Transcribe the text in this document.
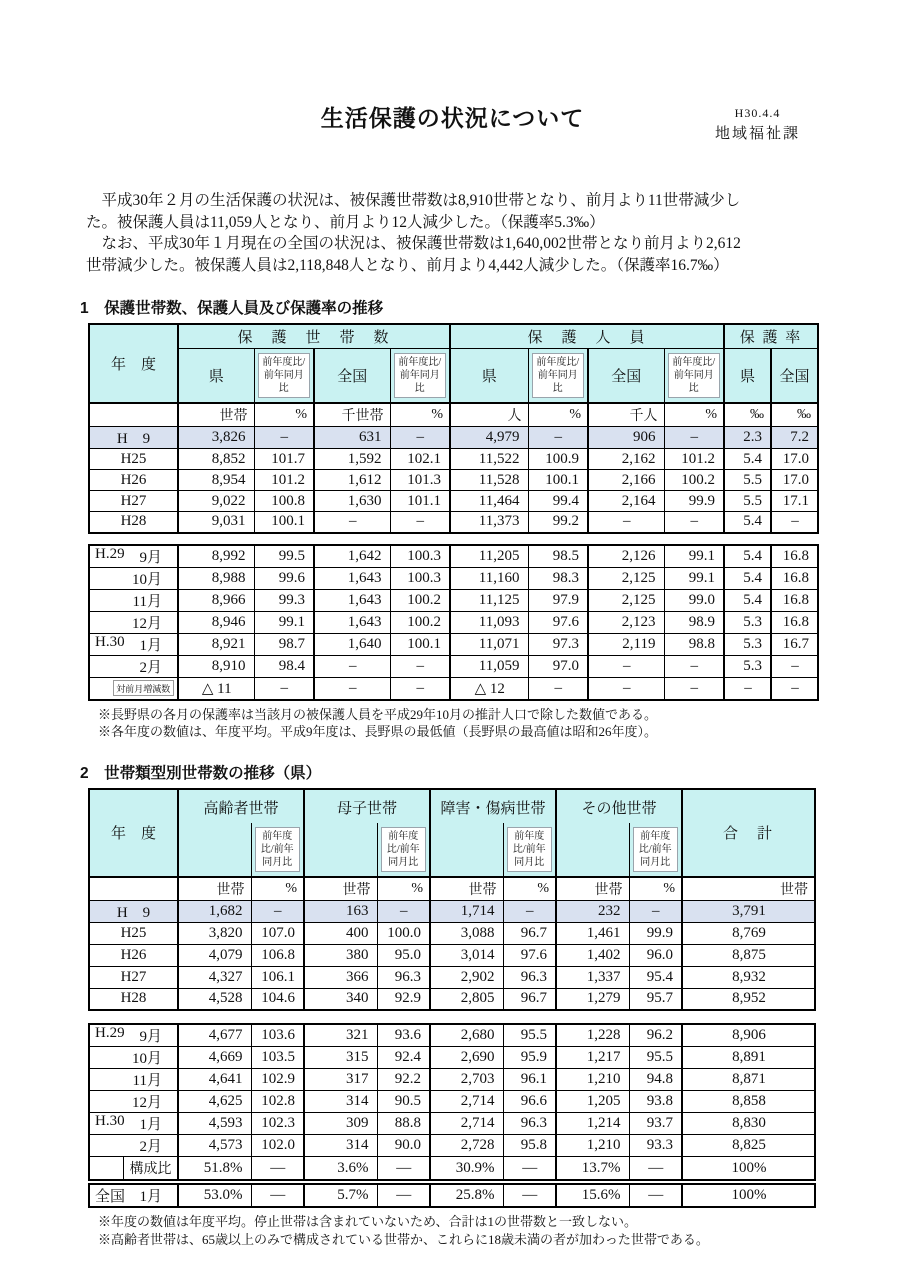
生活保護の状況について	H30.4.4
地域福祉課
　平成30年２月の生活保護の状況は、被保護世帯数は8,910世帯となり、前月より11世帯減少し
た。被保護人員は11,059人となり、前月より12人減少した。（保護率5.3‰）
　なお、平成30年１月現在の全国の状況は、被保護世帯数は1,640,002世帯となり前月より2,612
世帯減少した。被保護人員は2,118,848人となり、前月より4,442人減少した。（保護率16.7‰）
1　保護世帯数、保護人員及び保護率の推移
年　度	保　護　世　帯　数				保　護　人　員				保 護 率	
	県	前年度比/前年同月比	全国	前年度比/前年同月比	県	前年度比/前年同月比	全国	前年度比/前年同月比	県	全国
	世帯	%	千世帯	%	人	%	千人	%	‰	‰
H　9	3,826	–	631	–	4,979	–	906	–	2.3	7.2
H25	8,852	101.7	1,592	102.1	11,522	100.9	2,162	101.2	5.4	17.0
H26	8,954	101.2	1,612	101.3	11,528	100.1	2,166	100.2	5.5	17.0
H27	9,022	100.8	1,630	101.1	11,464	99.4	2,164	99.9	5.5	17.1
H28	9,031	100.1	–	–	11,373	99.2	–	–	5.4	–
H.29 9月	8,992	99.5	1,642	100.3	11,205	98.5	2,126	99.1	5.4	16.8

10月	8,988	99.6	1,643	100.3	11,160	98.3	2,125	99.1	5.4	16.8

11月	8,966	99.3	1,643	100.2	11,125	97.9	2,125	99.0	5.4	16.8

12月	8,946	99.1	1,643	100.2	11,093	97.6	2,123	98.9	5.3	16.8

H.30 1月	8,921	98.7	1,640	100.1	11,071	97.3	2,119	98.8	5.3	16.7

2月	8,910	98.4	–	–	11,059	97.0	–	–	5.3	–

対前月増減数	△ 11	–	–	–	△ 12	–	–	–	–	–
※長野県の各月の保護率は当該月の被保護人員を平成29年10月の推計人口で除した数値である。
※各年度の数値は、年度平均。平成9年度は、長野県の最低値（長野県の最高値は昭和26年度）。
2　世帯類型別世帯数の推移（県）
年　度	高齢者世帯		母子世帯		障害・傷病世帯		その他世帯		合　計

		前年度比/前年同月比		前年度比/前年同月比		前年度比/前年同月比		前年度比/前年同月比	

	世帯	%	世帯	%	世帯	%	世帯	%	世帯
H　9	1,682	–	163	–	1,714	–	232	–	3,791
H25	3,820	107.0	400	100.0	3,088	96.7	1,461	99.9	8,769
H26	4,079	106.8	380	95.0	3,014	97.6	1,402	96.0	8,875
H27	4,327	106.1	366	96.3	2,902	96.3	1,337	95.4	8,932
H28	4,528	104.6	340	92.9	2,805	96.7	1,279	95.7	8,952
H.29 9月	4,677	103.6	321	93.6	2,680	95.5	1,228	96.2	8,906

10月	4,669	103.5	315	92.4	2,690	95.9	1,217	95.5	8,891

11月	4,641	102.9	317	92.2	2,703	96.1	1,210	94.8	8,871

12月	4,625	102.8	314	90.5	2,714	96.6	1,205	93.8	8,858

H.30 1月	4,593	102.3	309	88.8	2,714	96.3	1,214	93.7	8,830

2月	4,573	102.0	314	90.0	2,728	95.8	1,210	93.3	8,825

構成比	51.8%	—	3.6%	—	30.9%	—	13.7%	—	100%
全国 1月	53.0%	—	5.7%	—	25.8%	—	15.6%	—	100%
※年度の数値は年度平均。停止世帯は含まれていないため、合計は1の世帯数と一致しない。
※高齢者世帯は、65歳以上のみで構成されている世帯か、これらに18歳未満の者が加わった世帯である。
